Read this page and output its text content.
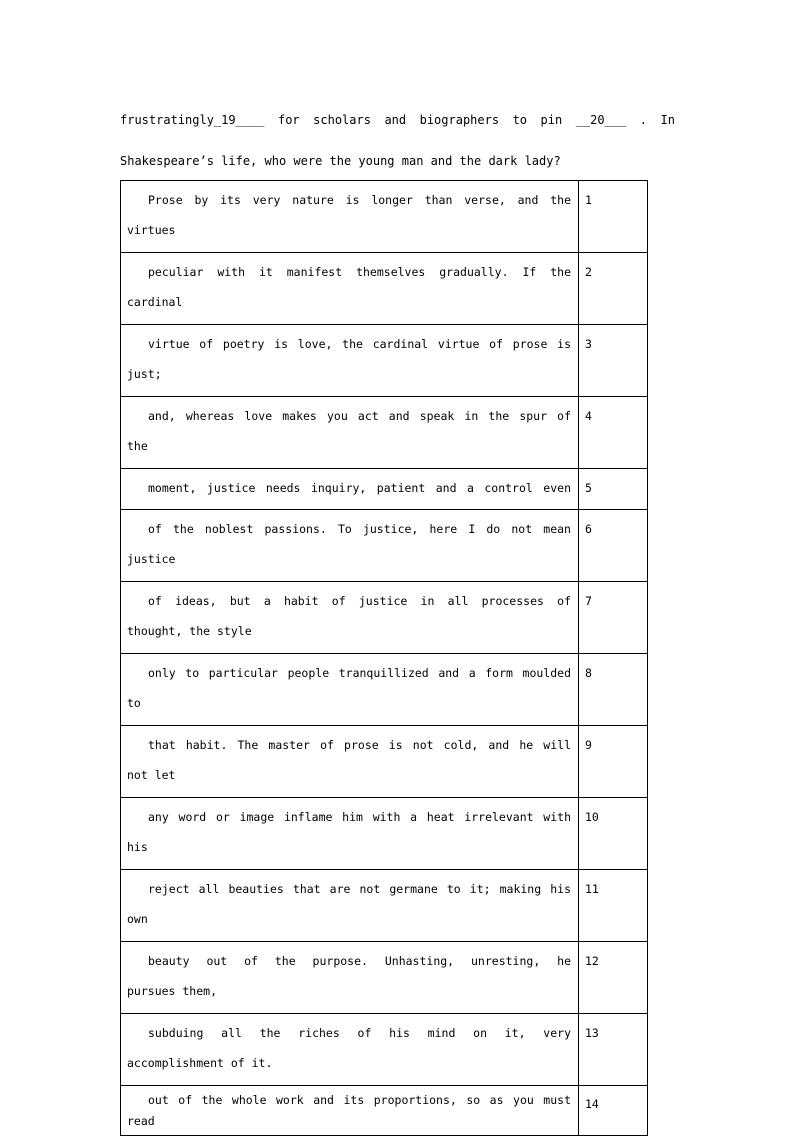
frustratingly_19____ for scholars and biographers to pin __20___ . In
Shakespeare’s life, who were the young man and the dark lady?
Prose by its very nature is longer than verse, and the
virtues	1

peculiar with it manifest themselves gradually. If the
cardinal	2

virtue of poetry is love, the cardinal virtue of prose is
just;	3

and, whereas love makes you act and speak in the spur of
the	4

moment, justice needs inquiry, patient and a control even	5

of the noblest passions. To justice, here I do not mean
justice	6

of ideas, but a habit of justice in all processes of
thought, the style	7

only to particular people tranquillized and a form moulded
to	8

that habit. The master of prose is not cold, and he will
not let	9

any word or image inflame him with a heat irrelevant with
his	10

reject all beauties that are not germane to it; making his
own	11

beauty out of the purpose. Unhasting, unresting, he
pursues them,	12

subduing all the riches of his mind on it, very
accomplishment of it.	13

out of the whole work and its proportions, so as you must
read	14
